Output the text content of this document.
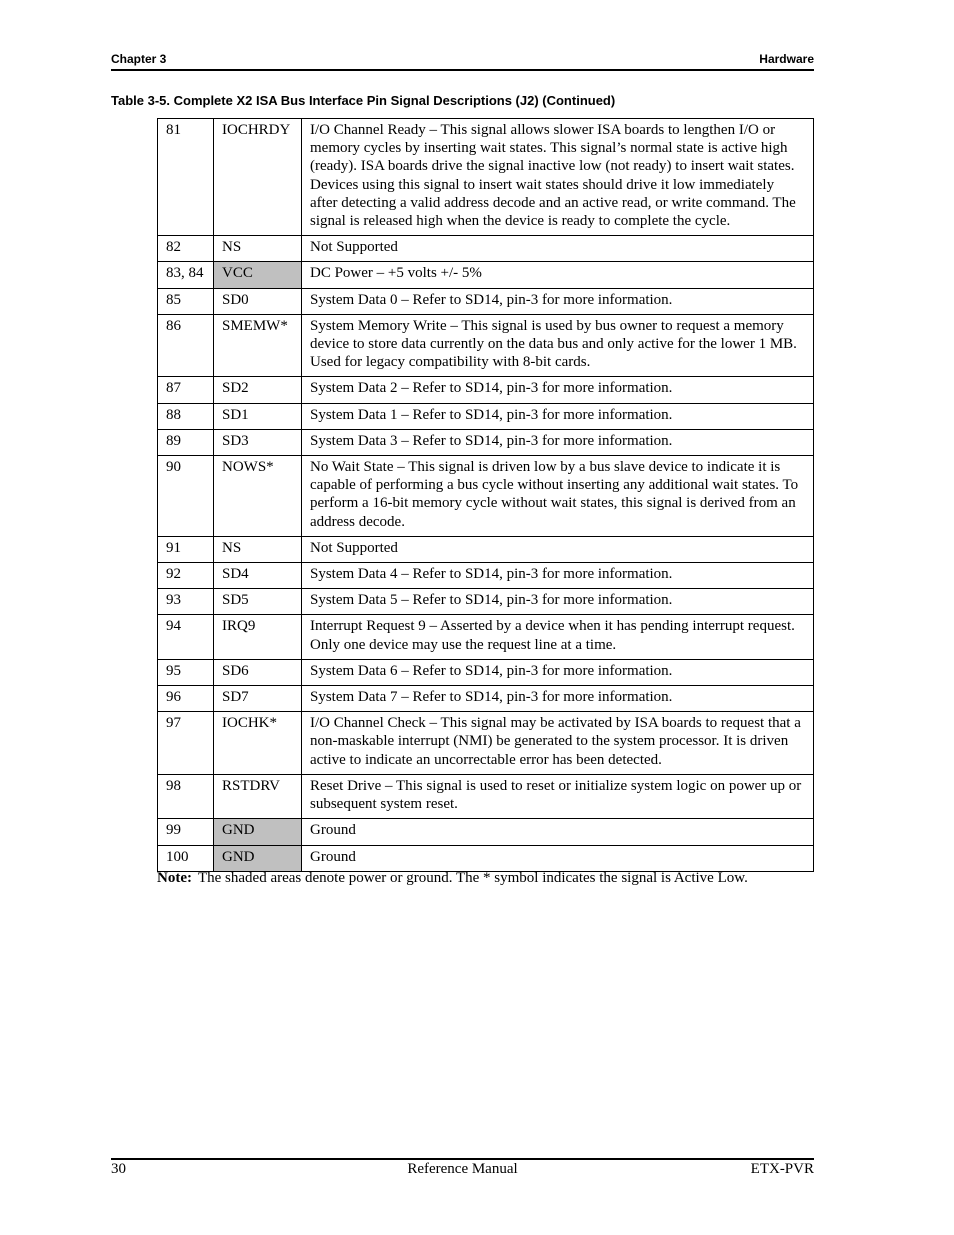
Chapter 3	Hardware
Table 3-5. Complete X2 ISA Bus Interface Pin Signal Descriptions (J2) (Continued)
81	IOCHRDY	I/O Channel Ready – This signal allows slower ISA boards to lengthen I/O or memory cycles by inserting wait states. This signal’s normal state is active high (ready). ISA boards drive the signal inactive low (not ready) to insert wait states. Devices using this signal to insert wait states should drive it low immediately after detecting a valid address decode and an active read, or write command. The signal is released high when the device is ready to complete the cycle.
82	NS	Not Supported
83, 84	VCC	DC Power – +5 volts +/- 5%
85	SD0	System Data 0 – Refer to SD14, pin-3 for more information.
86	SMEMW*	System Memory Write – This signal is used by bus owner to request a memory device to store data currently on the data bus and only active for the lower 1 MB. Used for legacy compatibility with 8-bit cards.
87	SD2	System Data 2 – Refer to SD14, pin-3 for more information.
88	SD1	System Data 1 – Refer to SD14, pin-3 for more information.
89	SD3	System Data 3 – Refer to SD14, pin-3 for more information.
90	NOWS*	No Wait State – This signal is driven low by a bus slave device to indicate it is capable of performing a bus cycle without inserting any additional wait states. To perform a 16-bit memory cycle without wait states, this signal is derived from an address decode.
91	NS	Not Supported
92	SD4	System Data 4 – Refer to SD14, pin-3 for more information.
93	SD5	System Data 5 – Refer to SD14, pin-3 for more information.
94	IRQ9	Interrupt Request 9 – Asserted by a device when it has pending interrupt request. Only one device may use the request line at a time.
95	SD6	System Data 6 – Refer to SD14, pin-3 for more information.
96	SD7	System Data 7 – Refer to SD14, pin-3 for more information.
97	IOCHK*	I/O Channel Check – This signal may be activated by ISA boards to request that a non-maskable interrupt (NMI) be generated to the system processor. It is driven active to indicate an uncorrectable error has been detected.
98	RSTDRV	Reset Drive – This signal is used to reset or initialize system logic on power up or subsequent system reset.
99	GND	Ground
100	GND	Ground
Note: The shaded areas denote power or ground. The * symbol indicates the signal is Active Low.
30	Reference Manual	ETX-PVR
